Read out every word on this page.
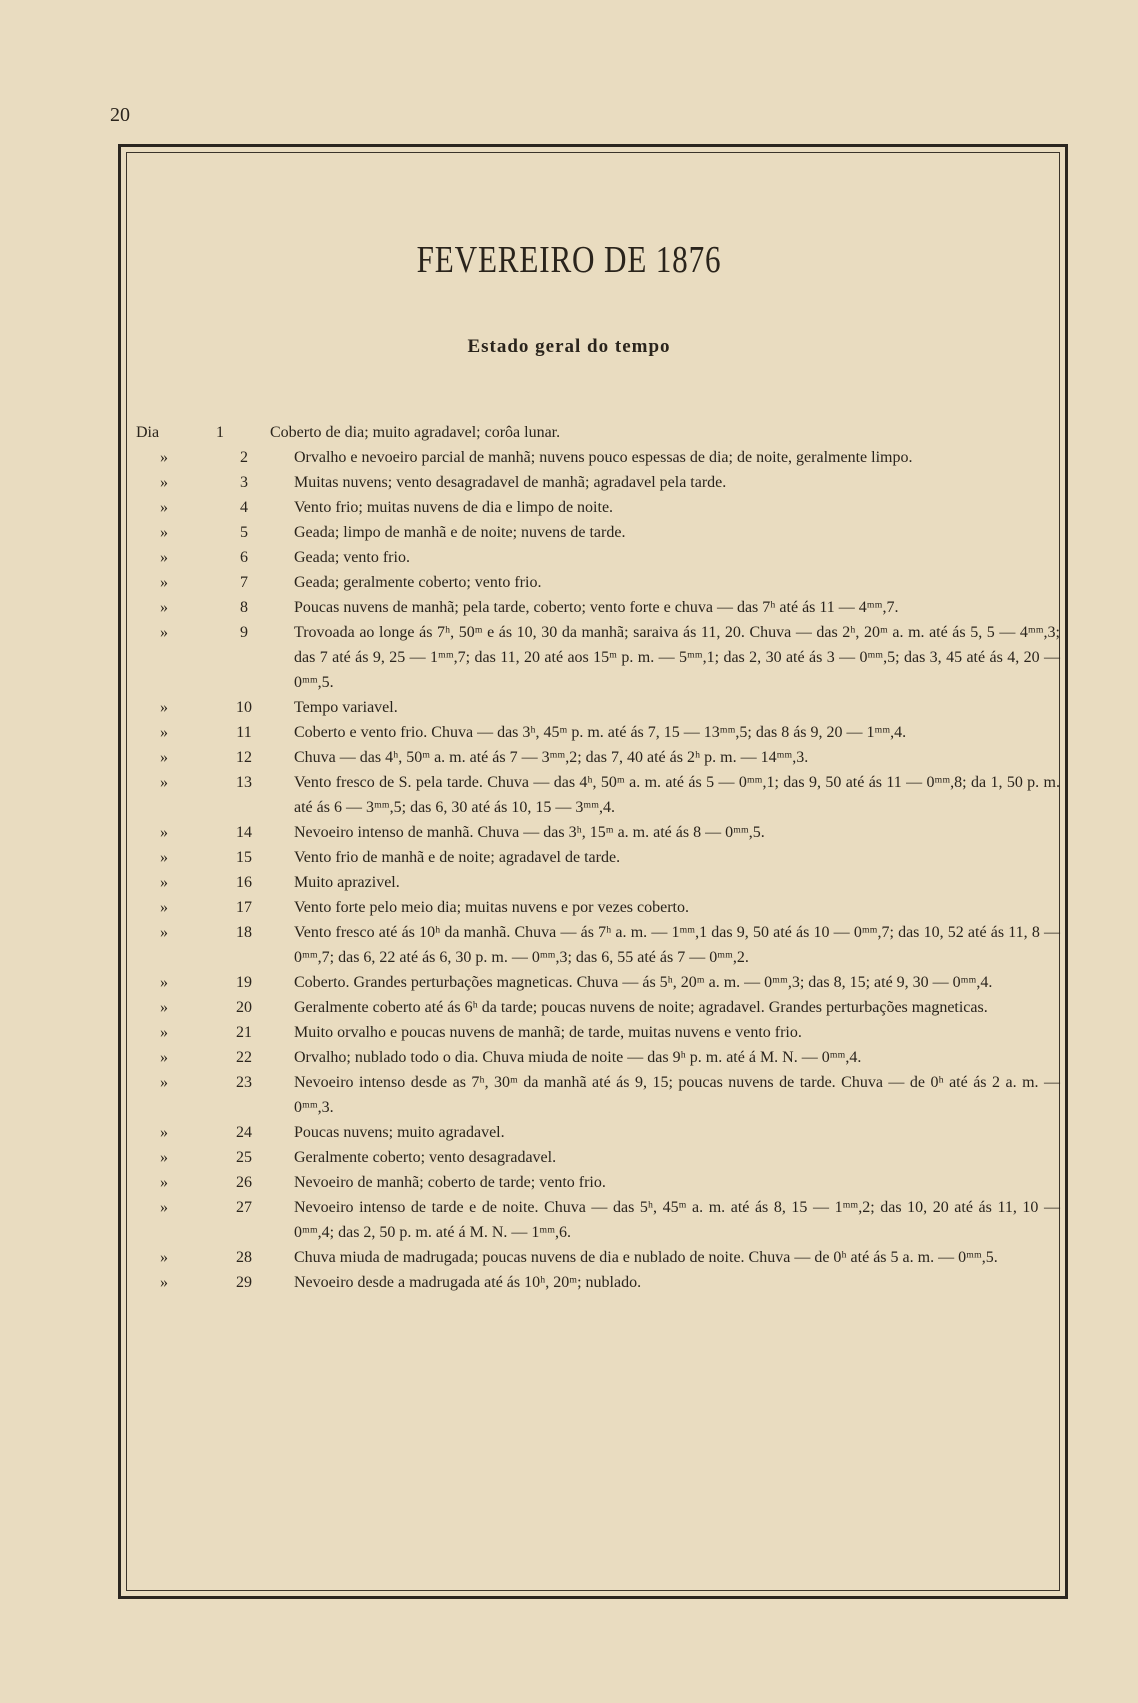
20
FEVEREIRO DE 1876
Estado geral do tempo
Dia	1	Coberto de dia; muito agradavel; corôa lunar.
»	2	Orvalho e nevoeiro parcial de manhã; nuvens pouco espessas de dia; de noite, geralmente limpo.
»	3	Muitas nuvens; vento desagradavel de manhã; agradavel pela tarde.
»	4	Vento frio; muitas nuvens de dia e limpo de noite.
»	5	Geada; limpo de manhã e de noite; nuvens de tarde.
»	6	Geada; vento frio.
»	7	Geada; geralmente coberto; vento frio.
»	8	Poucas nuvens de manhã; pela tarde, coberto; vento forte e chuva — das 7ʰ até ás 11 — 4ᵐᵐ,7.
»	9	Trovoada ao longe ás 7ʰ, 50ᵐ e ás 10, 30 da manhã; saraiva ás 11, 20. Chuva — das 2ʰ, 20ᵐ a. m. até ás 5, 5 — 4ᵐᵐ,3; das 7 até ás 9, 25 — 1ᵐᵐ,7; das 11, 20 até aos 15ᵐ p. m. — 5ᵐᵐ,1; das 2, 30 até ás 3 — 0ᵐᵐ,5; das 3, 45 até ás 4, 20 — 0ᵐᵐ,5.
»	10	Tempo variavel.
»	11	Coberto e vento frio. Chuva — das 3ʰ, 45ᵐ p. m. até ás 7, 15 — 13ᵐᵐ,5; das 8 ás 9, 20 — 1ᵐᵐ,4.
»	12	Chuva — das 4ʰ, 50ᵐ a. m. até ás 7 — 3ᵐᵐ,2; das 7, 40 até ás 2ʰ p. m. — 14ᵐᵐ,3.
»	13	Vento fresco de S. pela tarde. Chuva — das 4ʰ, 50ᵐ a. m. até ás 5 — 0ᵐᵐ,1; das 9, 50 até ás 11 — 0ᵐᵐ,8; da 1, 50 p. m. até ás 6 — 3ᵐᵐ,5; das 6, 30 até ás 10, 15 — 3ᵐᵐ,4.
»	14	Nevoeiro intenso de manhã. Chuva — das 3ʰ, 15ᵐ a. m. até ás 8 — 0ᵐᵐ,5.
»	15	Vento frio de manhã e de noite; agradavel de tarde.
»	16	Muito aprazivel.
»	17	Vento forte pelo meio dia; muitas nuvens e por vezes coberto.
»	18	Vento fresco até ás 10ʰ da manhã. Chuva — ás 7ʰ a. m. — 1ᵐᵐ,1 das 9, 50 até ás 10 — 0ᵐᵐ,7; das 10, 52 até ás 11, 8 — 0ᵐᵐ,7; das 6, 22 até ás 6, 30 p. m. — 0ᵐᵐ,3; das 6, 55 até ás 7 — 0ᵐᵐ,2.
»	19	Coberto. Grandes perturbações magneticas. Chuva — ás 5ʰ, 20ᵐ a. m. — 0ᵐᵐ,3; das 8, 15; até 9, 30 — 0ᵐᵐ,4.
»	20	Geralmente coberto até ás 6ʰ da tarde; poucas nuvens de noite; agradavel. Grandes perturbações magneticas.
»	21	Muito orvalho e poucas nuvens de manhã; de tarde, muitas nuvens e vento frio.
»	22	Orvalho; nublado todo o dia. Chuva miuda de noite — das 9ʰ p. m. até á M. N. — 0ᵐᵐ,4.
»	23	Nevoeiro intenso desde as 7ʰ, 30ᵐ da manhã até ás 9, 15; poucas nuvens de tarde. Chuva — de 0ʰ até ás 2 a. m. — 0ᵐᵐ,3.
»	24	Poucas nuvens; muito agradavel.
»	25	Geralmente coberto; vento desagradavel.
»	26	Nevoeiro de manhã; coberto de tarde; vento frio.
»	27	Nevoeiro intenso de tarde e de noite. Chuva — das 5ʰ, 45ᵐ a. m. até ás 8, 15 — 1ᵐᵐ,2; das 10, 20 até ás 11, 10 — 0ᵐᵐ,4; das 2, 50 p. m. até á M. N. — 1ᵐᵐ,6.
»	28	Chuva miuda de madrugada; poucas nuvens de dia e nublado de noite. Chuva — de 0ʰ até ás 5 a. m. — 0ᵐᵐ,5.
»	29	Nevoeiro desde a madrugada até ás 10ʰ, 20ᵐ; nublado.
